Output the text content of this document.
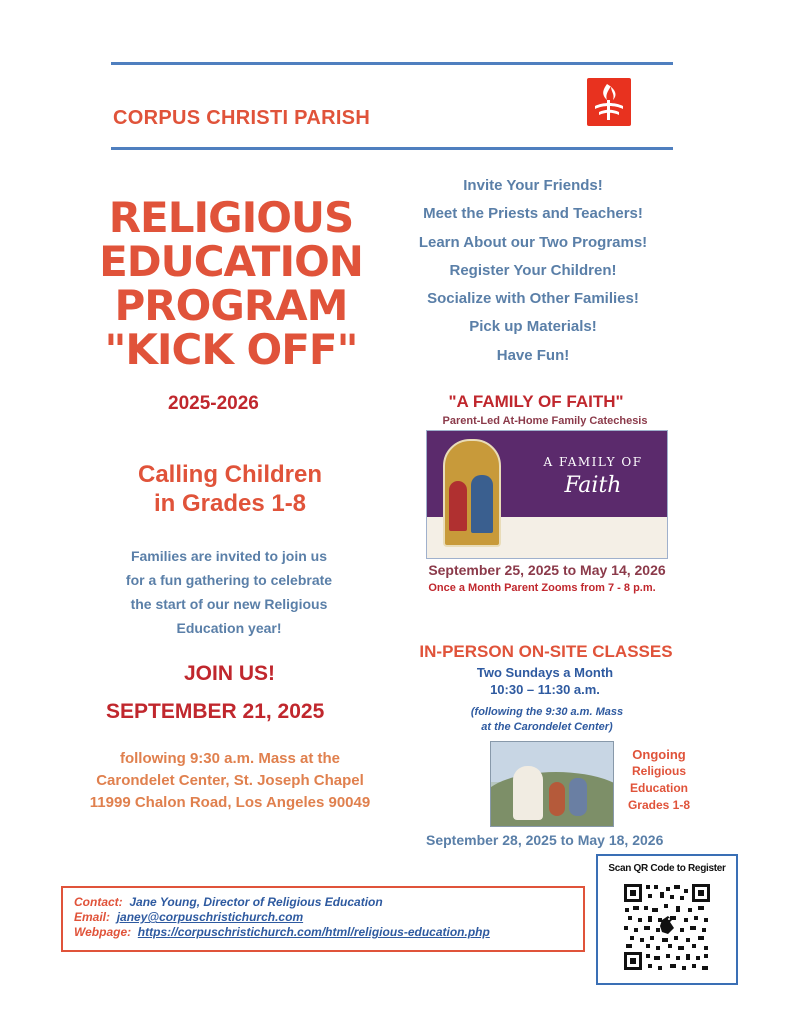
CORPUS CHRISTI PARISH
RELIGIOUS
EDUCATION
PROGRAM
"KICK OFF"
2025-2026
Calling Children
in Grades 1-8
Families are invited to join us
for a fun gathering to celebrate
the start of our new Religious
Education year!
JOIN US!
SEPTEMBER 21, 2025
following 9:30 a.m. Mass at the
Carondelet Center, St. Joseph Chapel
11999 Chalon Road, Los Angeles 90049
Invite Your Friends!
Meet the Priests and Teachers!
Learn About our Two Programs!
Register Your Children!
Socialize with Other Families!
Pick up Materials!
Have Fun!
"A FAMILY OF FAITH"
Parent-Led At-Home Family Catechesis
A FAMILY OF
Faith
September 25, 2025 to May 14, 2026
Once a Month Parent Zooms from 7 - 8 p.m.
IN-PERSON ON-SITE CLASSES
Two Sundays a Month
10:30 – 11:30 a.m.
(following the 9:30 a.m. Mass
at the Carondelet Center)
Ongoing
Religious
Education
Grades 1-8
September 28, 2025 to May 18, 2026
Contact: Jane Young, Director of Religious Education
Email: janey@corpuschristichurch.com
Webpage: https://corpuschristichurch.com/html/religious-education.php
Scan QR Code to Register
